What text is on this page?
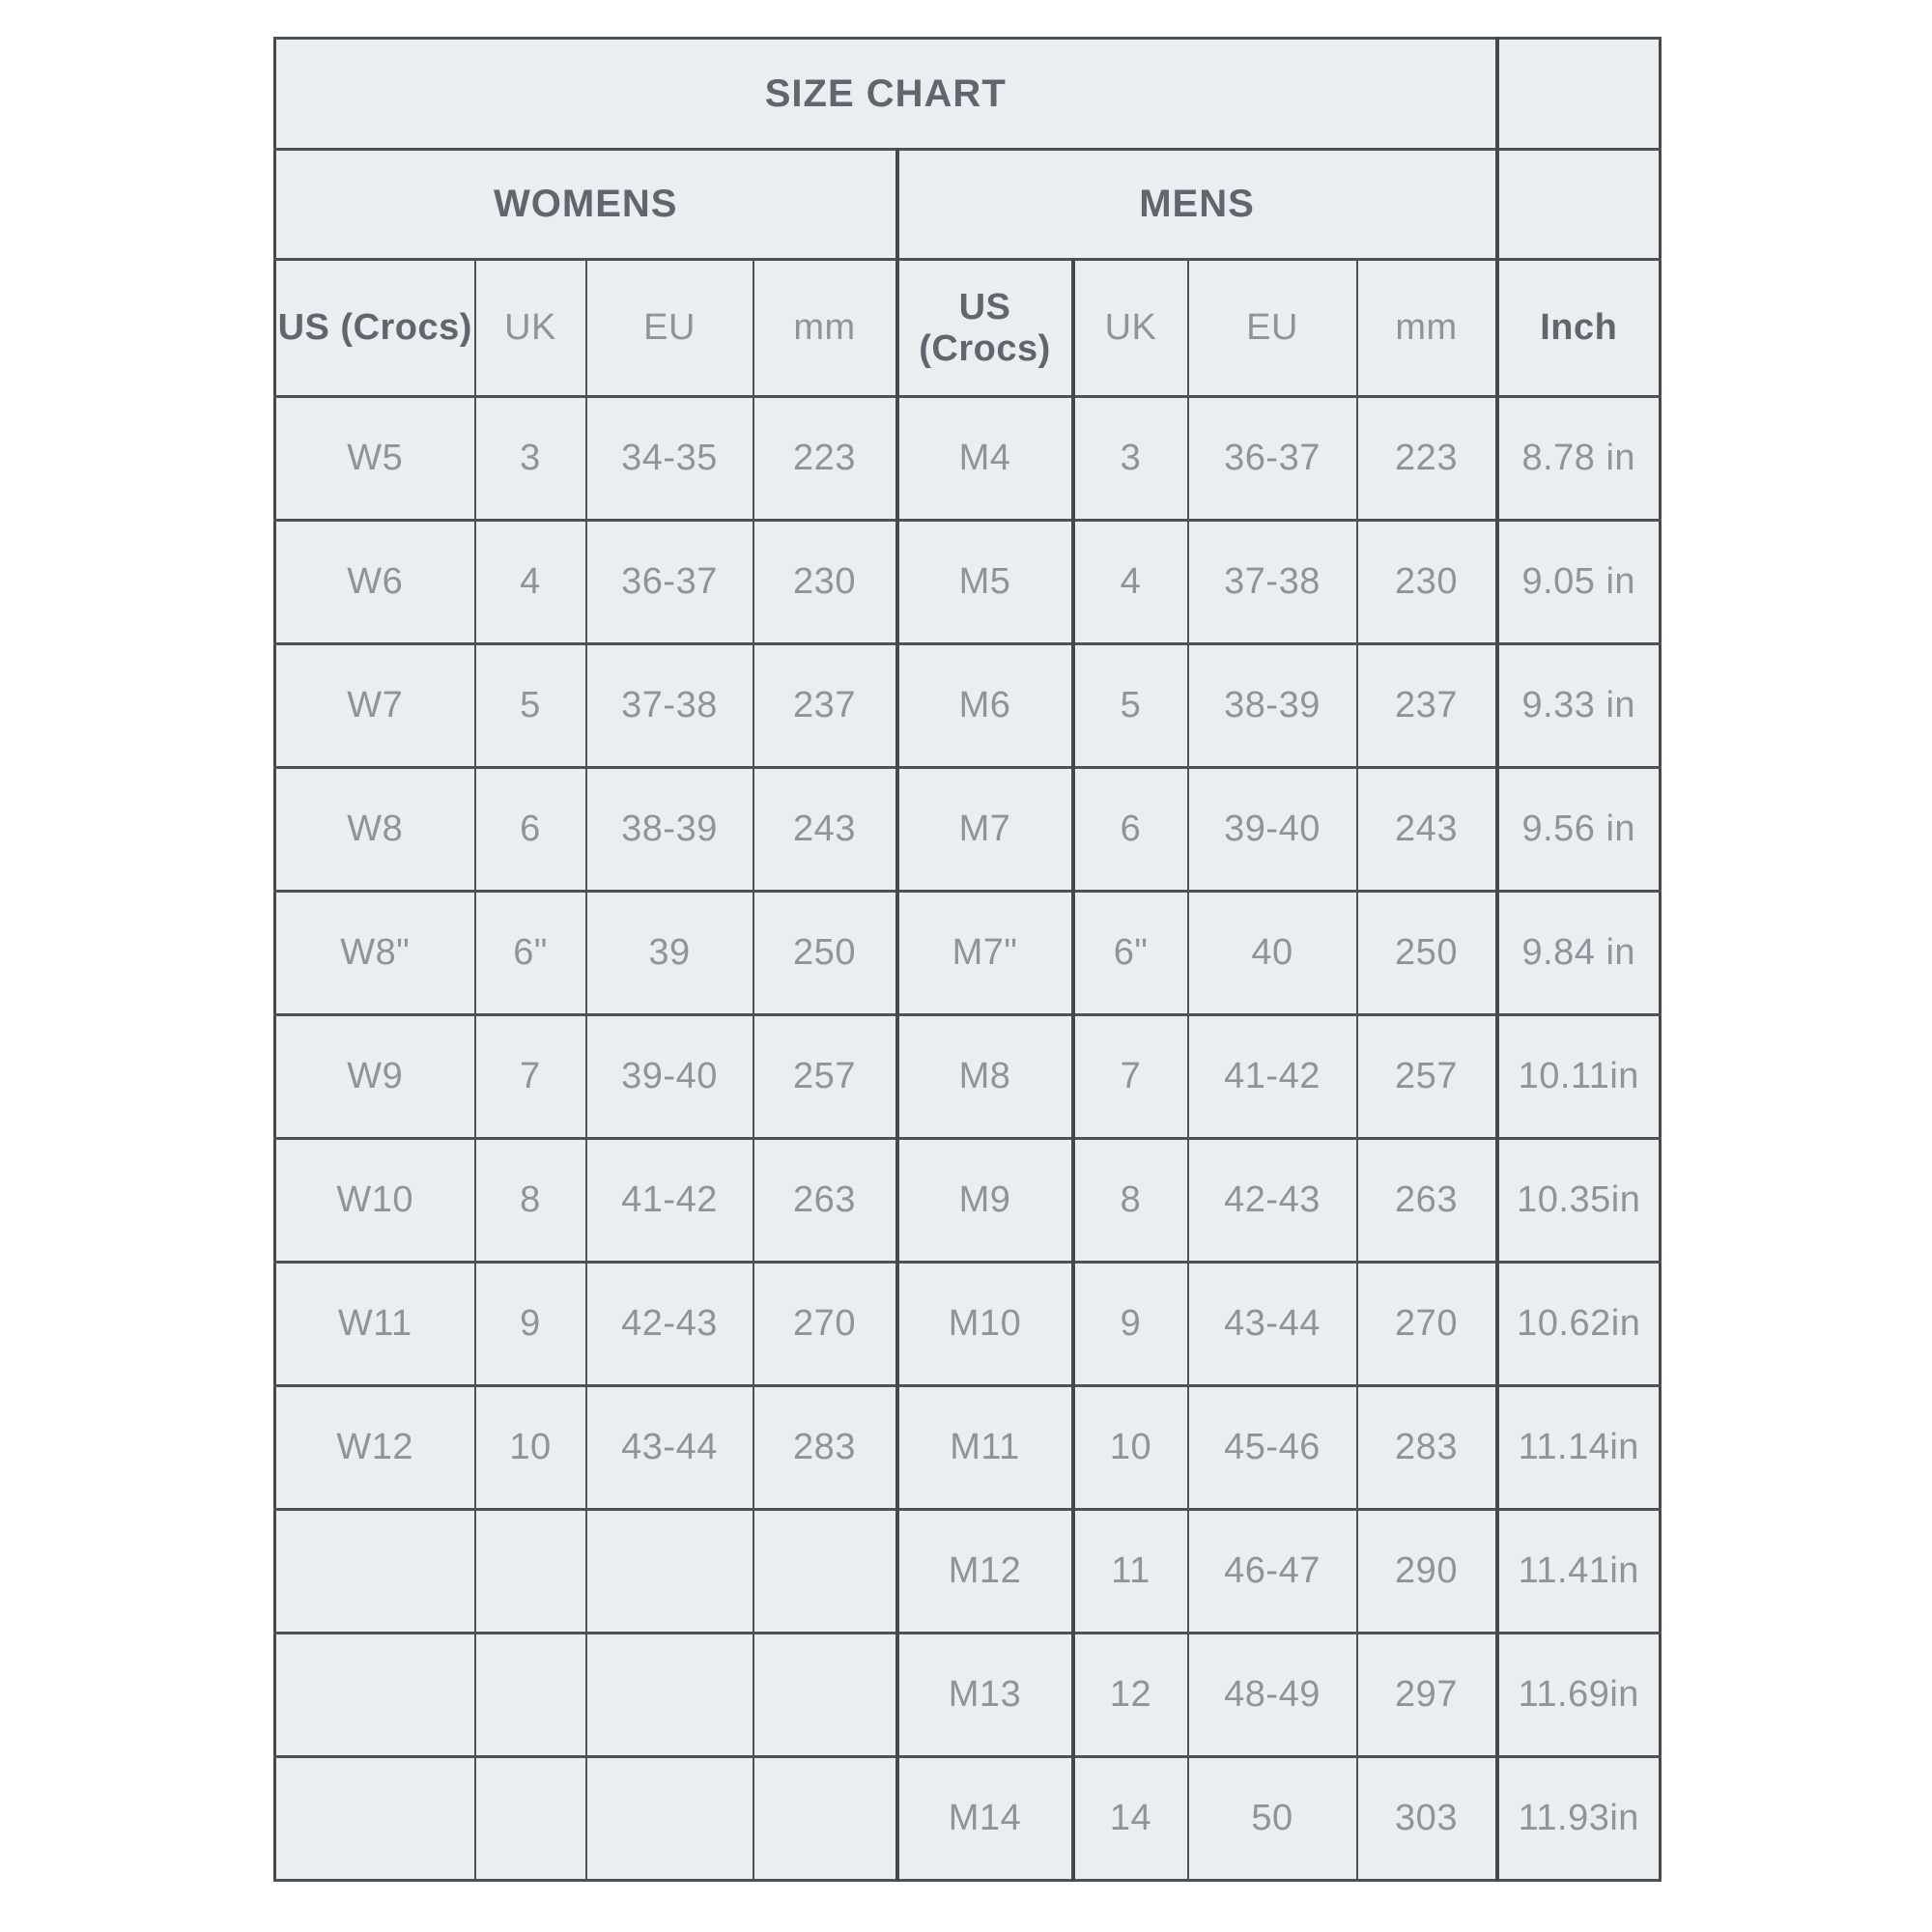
SIZE CHART								
WOMENS				MENS				
US (Crocs)	UK	EU	mm	US (Crocs)	UK	EU	mm	Inch
W5	3	34-35	223	M4	3	36-37	223	8.78 in
W6	4	36-37	230	M5	4	37-38	230	9.05 in
W7	5	37-38	237	M6	5	38-39	237	9.33 in
W8	6	38-39	243	M7	6	39-40	243	9.56 in
W8"	6"	39	250	M7"	6"	40	250	9.84 in
W9	7	39-40	257	M8	7	41-42	257	10.11in
W10	8	41-42	263	M9	8	42-43	263	10.35in
W11	9	42-43	270	M10	9	43-44	270	10.62in
W12	10	43-44	283	M11	10	45-46	283	11.14in
				M12	11	46-47	290	11.41in
				M13	12	48-49	297	11.69in
				M14	14	50	303	11.93in
